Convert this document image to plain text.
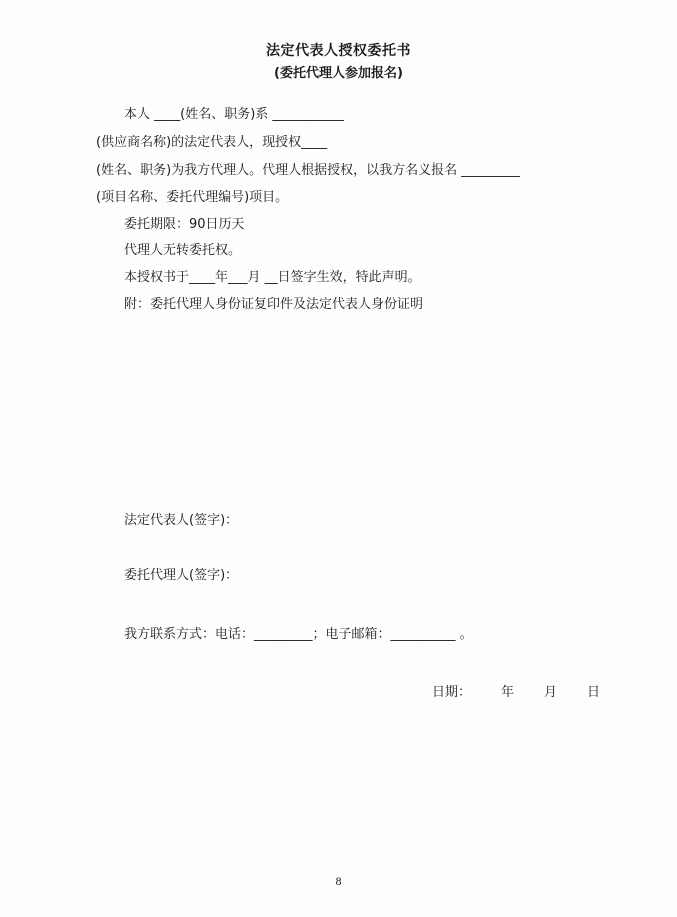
法定代表人授权委托书
(委托代理人参加报名)
本人 ____(姓名、职务)系 ___________
(供应商名称)的法定代表人，现授权____
(姓名、职务)为我方代理人。代理人根据授权，以我方名义报名 _________
(项目名称、委托代理编号)项目。
委托期限：90日历天
代理人无转委托权。
本授权书于____年___月 __日签字生效，特此声明。
附：委托代理人身份证复印件及法定代表人身份证明
法定代表人(签字)：
委托代理人(签字)：
我方联系方式：电话：_________；电子邮箱：__________ 。
日期： 年 月 日
8
